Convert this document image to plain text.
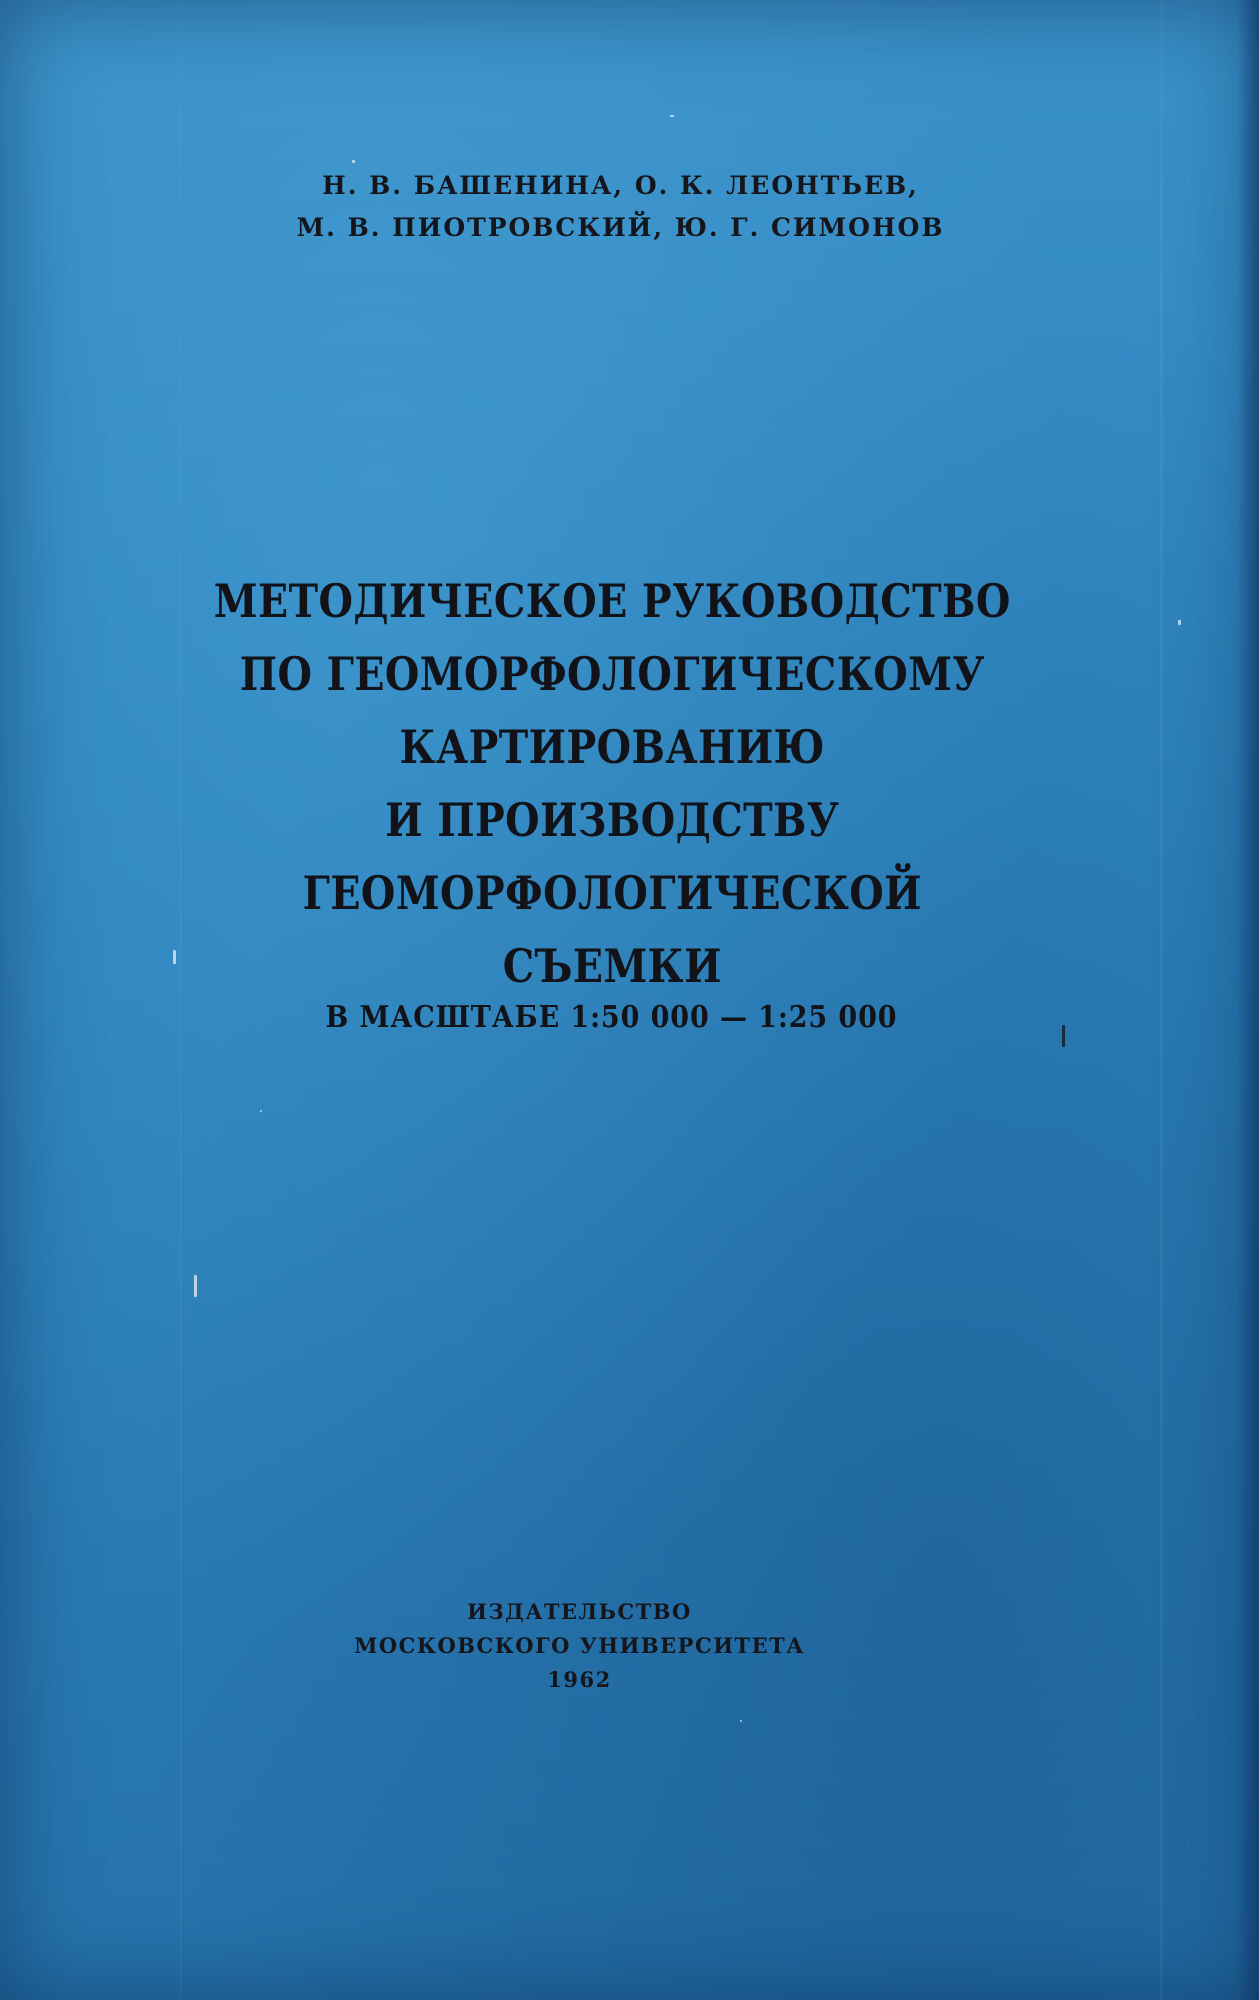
Н. В. БАШЕНИНА, О. К. ЛЕОНТЬЕВ,
М. В. ПИОТРОВСКИЙ, Ю. Г. СИМОНОВ
МЕТОДИЧЕСКОЕ РУКОВОДСТВО
ПО ГЕОМОРФОЛОГИЧЕСКОМУ
КАРТИРОВАНИЮ
И ПРОИЗВОДСТВУ
ГЕОМОРФОЛОГИЧЕСКОЙ
СЪЕМКИ
В МАСШТАБЕ 1:50 000 — 1:25 000
ИЗДАТЕЛЬСТВО
МОСКОВСКОГО УНИВЕРСИТЕТА
1962
